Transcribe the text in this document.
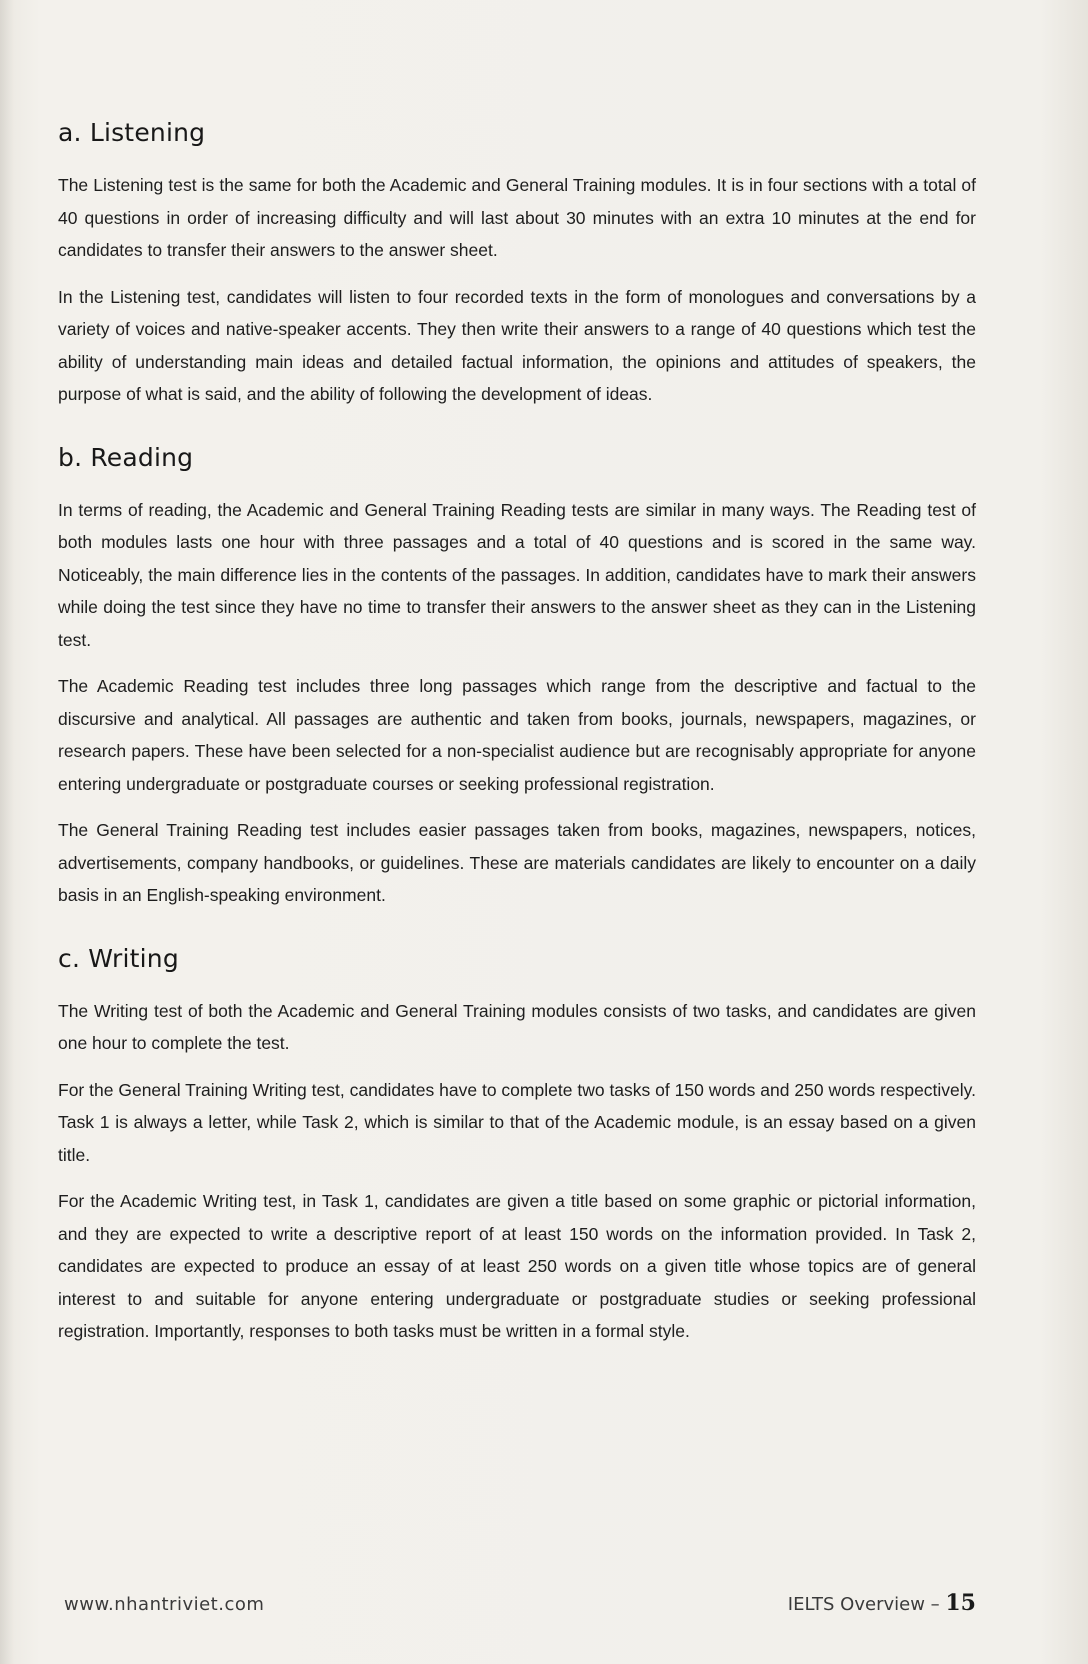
a. Listening

The Listening test is the same for both the Academic and General Training modules. It is in four sections with a total of 40 questions in order of increasing difficulty and will last about 30 minutes with an extra 10 minutes at the end for candidates to transfer their answers to the answer sheet.

In the Listening test, candidates will listen to four recorded texts in the form of monologues and conversations by a variety of voices and native-speaker accents. They then write their answers to a range of 40 questions which test the ability of understanding main ideas and detailed factual information, the opinions and attitudes of speakers, the purpose of what is said, and the ability of following the development of ideas.

b. Reading

In terms of reading, the Academic and General Training Reading tests are similar in many ways. The Reading test of both modules lasts one hour with three passages and a total of 40 questions and is scored in the same way. Noticeably, the main difference lies in the contents of the passages. In addition, candidates have to mark their answers while doing the test since they have no time to transfer their answers to the answer sheet as they can in the Listening test.

The Academic Reading test includes three long passages which range from the descriptive and factual to the discursive and analytical. All passages are authentic and taken from books, journals, newspapers, magazines, or research papers. These have been selected for a non-specialist audience but are recognisably appropriate for anyone entering undergraduate or postgraduate courses or seeking professional registration.

The General Training Reading test includes easier passages taken from books, magazines, newspapers, notices, advertisements, company handbooks, or guidelines. These are materials candidates are likely to encounter on a daily basis in an English-speaking environment.

c. Writing

The Writing test of both the Academic and General Training modules consists of two tasks, and candidates are given one hour to complete the test.

For the General Training Writing test, candidates have to complete two tasks of 150 words and 250 words respectively. Task 1 is always a letter, while Task 2, which is similar to that of the Academic module, is an essay based on a given title.

For the Academic Writing test, in Task 1, candidates are given a title based on some graphic or pictorial information, and they are expected to write a descriptive report of at least 150 words on the information provided. In Task 2, candidates are expected to produce an essay of at least 250 words on a given title whose topics are of general interest to and suitable for anyone entering undergraduate or postgraduate studies or seeking professional registration. Importantly, responses to both tasks must be written in a formal style.

www.nhantriviet.com	IELTS Overview – 15
